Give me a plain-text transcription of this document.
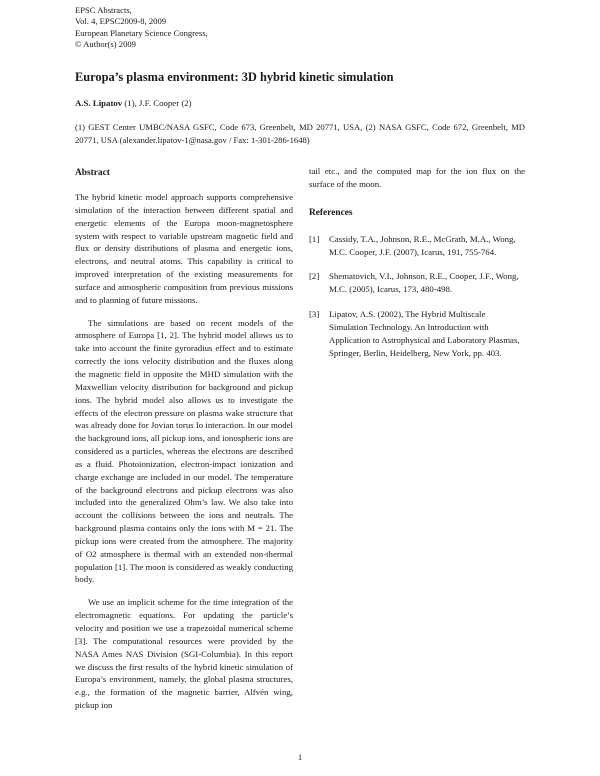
EPSC Abstracts,
Vol. 4, EPSC2009-8, 2009
European Planetary Science Congress,
© Author(s) 2009
Europa’s plasma environment: 3D hybrid kinetic simulation
A.S. Lipatov (1), J.F. Cooper (2)
(1) GEST Center UMBC/NASA GSFC, Code 673, Greenbelt, MD 20771, USA, (2) NASA GSFC, Code 672, Greenbelt, MD 20771, USA (alexander.lipatov-1@nasa.gov / Fax: 1-301-286-1648)
Abstract

The hybrid kinetic model approach supports comprehensive simulation of the interaction between different spatial and energetic elements of the Europa moon-magnetosphere system with respect to variable upstream magnetic field and flux or density distributions of plasma and energetic ions, electrons, and neutral atoms. This capability is critical to improved interpretation of the existing measurements for surface and atmospheric composition from previous missions and to planning of future missions.

The simulations are based on recent models of the atmosphere of Europa [1, 2]. The hybrid model allows us to take into account the finite gyroradius effect and to estimate correctly the ions velocity distribution and the fluxes along the magnetic field in opposite the MHD simulation with the Maxwellian velocity distribution for background and pickup ions. The hybrid model also allows us to investigate the effects of the electron pressure on plasma wake structure that was already done for Jovian torus Io interaction. In our model the background ions, all pickup ions, and ionospheric ions are considered as a particles, whereas the electrons are described as a fluid. Photoionization, electron-impact ionization and charge exchange are included in our model. The temperature of the background electrons and pickup electrons was also included into the generalized Ohm’s law. We also take into account the collisions between the ions and neutrals. The background plasma contains only the ions with M = 21. The pickup ions were created from the atmosphere. The majority of O2 atmosphere is thermal with an extended non-thermal population [1]. The moon is considered as weakly conducting body.

We use an implicit scheme for the time integration of the electromagnetic equations. For updating the particle’s velocity and position we use a trapezoidal numerical scheme [3]. The computational resources were provided by the NASA Ames NAS Division (SGI-Columbia). In this report we discuss the first results of the hybrid kinetic simulation of Europa’s environment, namely, the global plasma structures, e.g., the formation of the magnetic barrier, Alfvén wing, pickup ion

tail etc., and the computed map for the ion flux on the surface of the moon.
References
[1]	Cassidy, T.A., Johnson, R.E., McGrath, M.A., Wong, M.C. Cooper, J.F. (2007), Icarus, 191, 755-764.
[2]	Shematovich, V.I., Johnson, R.E., Cooper, J.F., Wong, M.C. (2005), Icarus, 173, 480-498.
[3]	Lipatov, A.S. (2002), The Hybrid Multiscale Simulation Technology. An Introduction with Application to Astrophysical and Laboratory Plasmas, Springer, Berlin, Heidelberg, New York, pp. 403.
1
